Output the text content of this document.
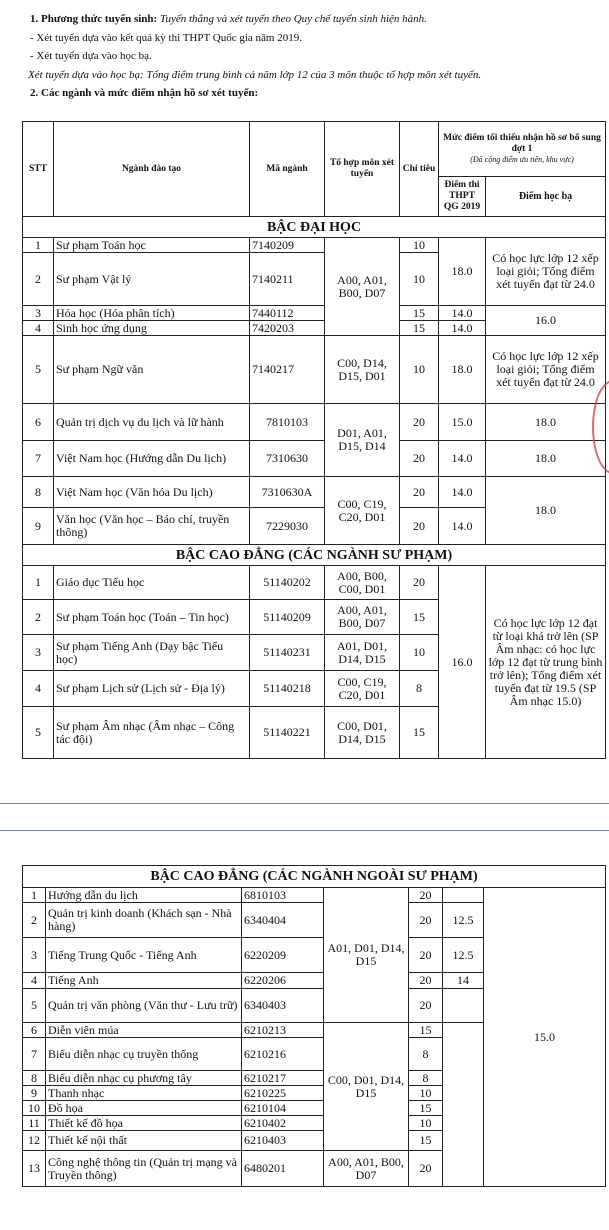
1. Phương thức tuyển sinh: Tuyển thẳng và xét tuyển theo Quy chế tuyển sinh hiện hành.

- Xét tuyển dựa vào kết quả kỳ thi THPT Quốc gia năm 2019.

- Xét tuyển dựa vào học bạ.

Xét tuyển dựa vào học bạ: Tổng điểm trung bình cả năm lớp 12 của 3 môn thuộc tổ hợp môn xét tuyển.

2. Các ngành và mức điểm nhận hồ sơ xét tuyển:

STT	Ngành đào tạo	Mã ngành	Tổ hợp môn xét tuyển	Chỉ tiêu	Mức điểm tối thiểu nhận hồ sơ bổ sung đợt 1
(Đã cộng điểm ưu tiên, khu vực)	
					Điểm thi THPT QG 2019	Điểm học bạ
BẬC ĐẠI HỌC						
1	Sư phạm Toán học	7140209	A00, A01, B00, D07	10	18.0	Có học lực lớp 12 xếp loại giỏi; Tổng điểm xét tuyển đạt từ 24.0
2	Sư phạm Vật lý	7140211		10		
3	Hóa học (Hóa phân tích)	7440112		15	14.0	16.0
4	Sinh học ứng dụng	7420203		15	14.0	
5	Sư phạm Ngữ văn	7140217	C00, D14, D15, D01	10	18.0	Có học lực lớp 12 xếp loại giỏi; Tổng điểm xét tuyển đạt từ 24.0
6	Quản trị dịch vụ du lịch và lữ hành	7810103	D01, A01, D15, D14	20	15.0	18.0
7	Việt Nam học (Hướng dẫn Du lịch)	7310630		20	14.0	18.0
8	Việt Nam học (Văn hóa Du lịch)	7310630A	C00, C19, C20, D01	20	14.0	18.0
9	Văn học (Văn học – Báo chí, truyền thông)	7229030		20	14.0	
BẬC CAO ĐẲNG (CÁC NGÀNH SƯ PHẠM)						
1	Giáo dục Tiểu học	51140202	A00, B00, C00, D01	20	16.0	Có học lực lớp 12 đạt từ loại khá trở lên (SP Âm nhạc: có học lực lớp 12 đạt từ trung bình trở lên); Tổng điểm xét tuyển đạt từ 19.5 (SP Âm nhạc 15.0)
2	Sư phạm Toán học (Toán – Tin học)	51140209	A00, A01, B00, D07	15		
3	Sư phạm Tiếng Anh (Dạy bậc Tiểu học)	51140231	A01, D01, D14, D15	10		
4	Sư phạm Lịch sử (Lịch sử - Địa lý)	51140218	C00, C19, C20, D01	8		
5	Sư phạm Âm nhạc (Âm nhạc – Công tác đội)	51140221	C00, D01, D14, D15	15		
BẬC CAO ĐẲNG (CÁC NGÀNH NGOÀI SƯ PHẠM)						
1	Hướng dẫn du lịch	6810103	A01, D01, D14, D15	20		15.0
2	Quản trị kinh doanh (Khách sạn - Nhà hàng)	6340404		20	12.5	
3	Tiếng Trung Quốc - Tiếng Anh	6220209		20	12.5	
4	Tiếng Anh	6220206		20	14	
5	Quản trị văn phòng (Văn thư - Lưu trữ)	6340403		20		
6	Diễn viên múa	6210213	C00, D01, D14, D15	15		
7	Biểu diễn nhạc cụ truyền thống	6210216		8		
8	Biểu diễn nhạc cụ phương tây	6210217		8		
9	Thanh nhạc	6210225		10		
10	Đồ họa	6210104		15		
11	Thiết kế đồ họa	6210402		10		
12	Thiết kế nội thất	6210403		15		
13	Công nghệ thông tin (Quản trị mạng và Truyền thông)	6480201	A00, A01, B00, D07	20		
